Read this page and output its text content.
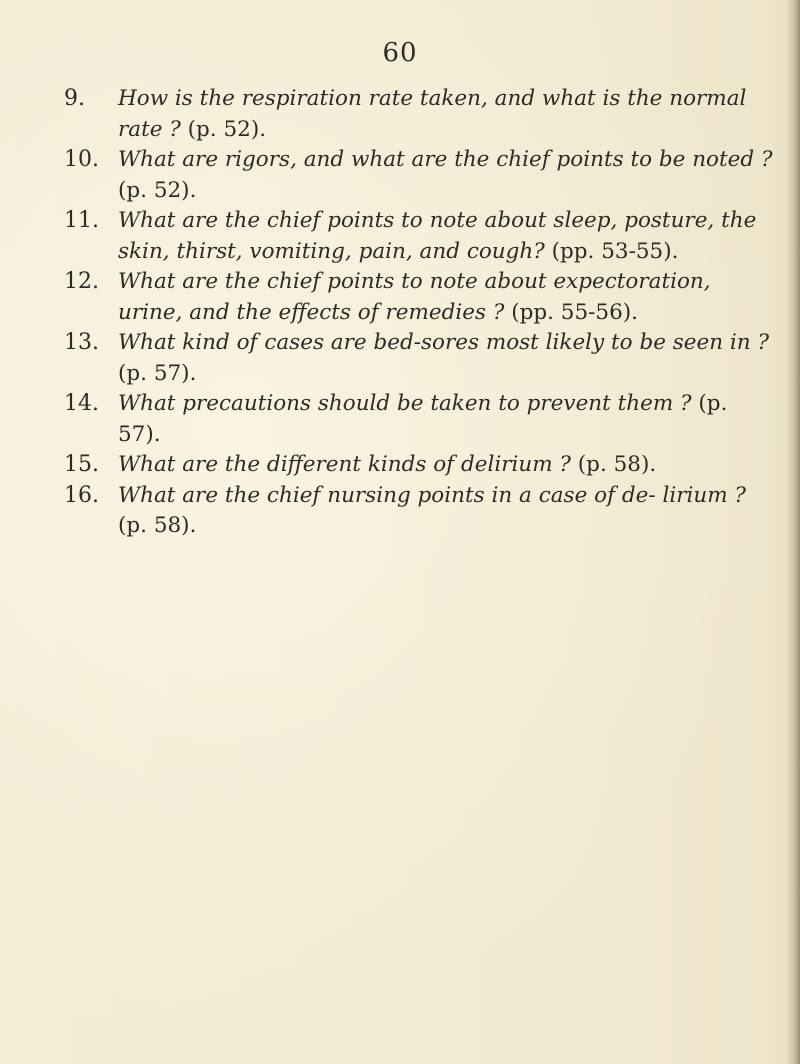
60
9.	How is the respiration rate taken, and what is the normal rate ? (p. 52).
10. What are rigors, and what are the chief points to be noted ? (p. 52).
11. What are the chief points to note about sleep, posture, the skin, thirst, vomiting, pain, and cough? (pp. 53-55).
12. What are the chief points to note about expectoration, urine, and the effects of remedies ? (pp. 55-56).
13. What kind of cases are bed-sores most likely to be seen in ? (p. 57).
14. What precautions should be taken to prevent them ? (p. 57).
15. What are the different kinds of delirium ? (p. 58).
16. What are the chief nursing points in a case of de- lirium ? (p. 58).
